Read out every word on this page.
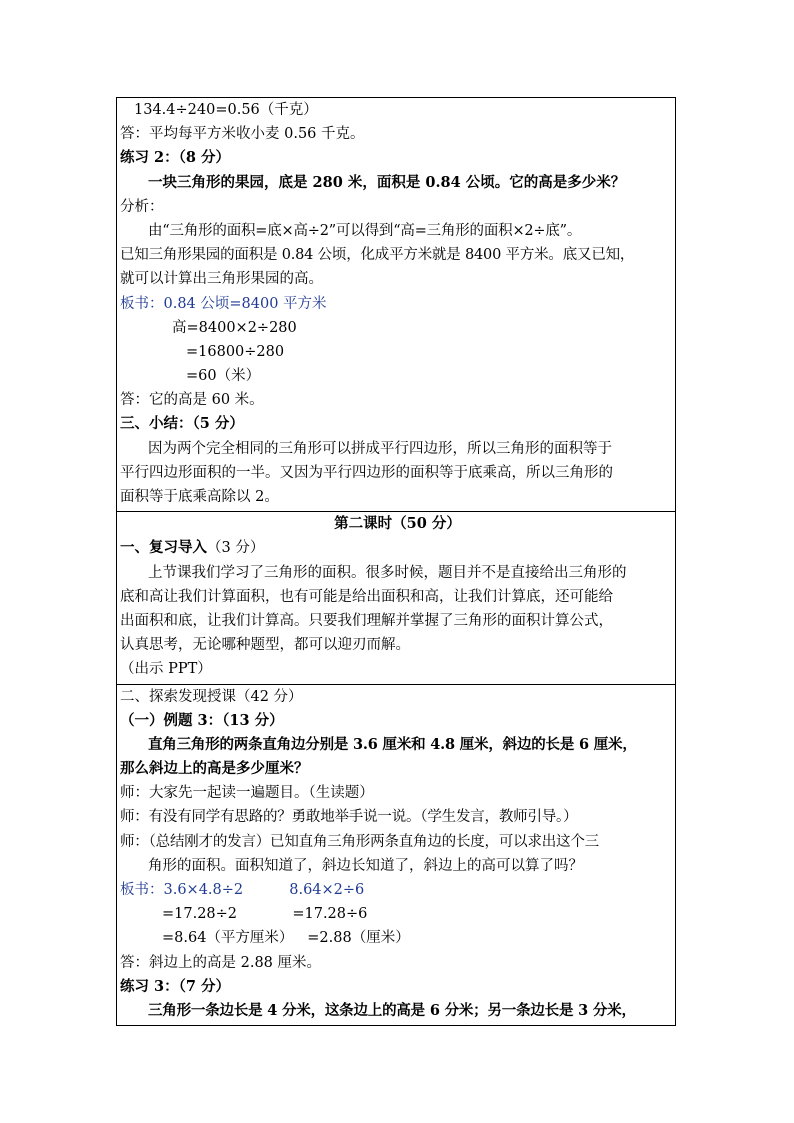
134.4÷240=0.56（千克）
答：平均每平方米收小麦 0.56 千克。
练习 2：（8 分）
一块三角形的果园，底是 280 米，面积是 0.84 公顷。它的高是多少米？
分析：
由“三角形的面积=底×高÷2”可以得到“高=三角形的面积×2÷底”。
已知三角形果园的面积是 0.84 公顷，化成平方米就是 8400 平方米。底又已知，
就可以计算出三角形果园的高。
板书：0.84 公顷=8400 平方米
高=8400×2÷280
=16800÷280
=60（米）
答：它的高是 60 米。
三、小结：（5 分）
因为两个完全相同的三角形可以拼成平行四边形，所以三角形的面积等于
平行四边形面积的一半。又因为平行四边形的面积等于底乘高，所以三角形的
面积等于底乘高除以 2。
第二课时（50 分）
一、复习导入（3 分）
上节课我们学习了三角形的面积。很多时候，题目并不是直接给出三角形的
底和高让我们计算面积，也有可能是给出面积和高，让我们计算底，还可能给
出面积和底，让我们计算高。只要我们理解并掌握了三角形的面积计算公式，
认真思考，无论哪种题型，都可以迎刃而解。
（出示 PPT）
二、探索发现授课（42 分）
（一）例题 3：（13 分）
直角三角形的两条直角边分别是 3.6 厘米和 4.8 厘米，斜边的长是 6 厘米，
那么斜边上的高是多少厘米？
师：大家先一起读一遍题目。（生读题）
师：有没有同学有思路的？勇敢地举手说一说。（学生发言，教师引导。）
师：（总结刚才的发言）已知直角三角形两条直角边的长度，可以求出这个三
角形的面积。面积知道了，斜边长知道了，斜边上的高可以算了吗？
板书：3.6×4.8÷2          8.64×2÷6
=17.28÷2            =17.28÷6
=8.64（平方厘米）   =2.88（厘米）
答：斜边上的高是 2.88 厘米。
练习 3：（7 分）
三角形一条边长是 4 分米，这条边上的高是 6 分米；另一条边长是 3 分米，
